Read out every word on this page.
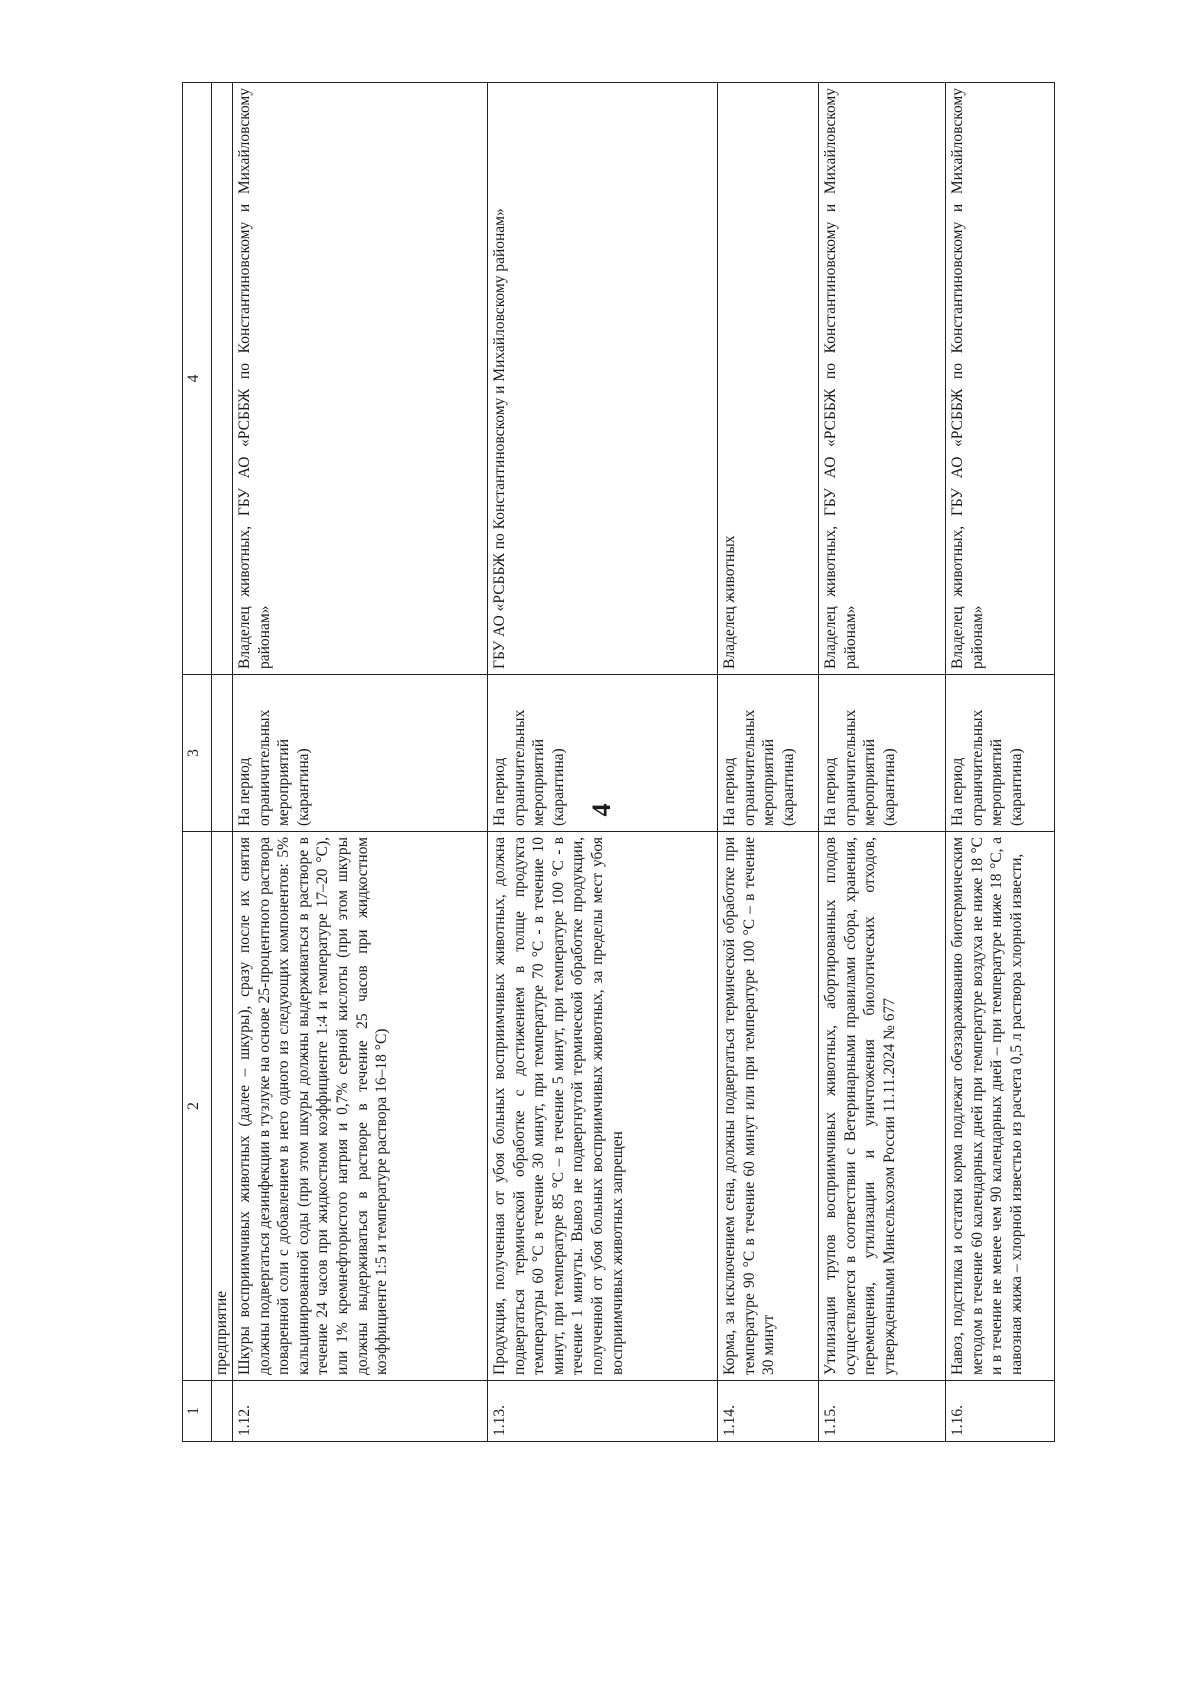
4
1	2	3	4
	предприятие		
1.12.	Шкуры восприимчивых животных (далее – шкуры), сразу после их снятия должны подвергаться дезинфекции в тузлуке на основе 25-процентного раствора поваренной соли с добавлением в него одного из следующих компонентов: 5% кальцинированной соды (при этом шкуры должны выдерживаться в растворе в течение 24 часов при жидкостном коэффициенте 1:4 и температуре 17–20 °С), или 1% кремнефтористого натрия и 0,7% серной кислоты (при этом шкуры должны выдерживаться в растворе в течение 25 часов при жидкостном коэффициенте 1:5 и температуре раствора 16–18 °С)	На период ограничительных мероприятий (карантина)	Владелец животных, ГБУ АО «РСББЖ по Константиновскому и Михайловскому районам»
1.13.	Продукция, полученная от убоя больных восприимчивых животных, должна подвергаться термической обработке с достижением в толще продукта температуры 60 °С в течение 30 минут, при температуре 70 °С - в течение 10 минут, при температуре 85 °С – в течение 5 минут, при температуре 100 °С - в течение 1 минуты. Вывоз не подвергнутой термической обработке продукции, полученной от убоя больных восприимчивых животных, за пределы мест убоя восприимчивых животных запрещен	На период ограничительных мероприятий (карантина)	ГБУ АО «РСББЖ по Константиновскому и Михайловскому районам»
1.14.	Корма, за исключением сена, должны подвергаться термической обработке при температуре 90 °С в течение 60 минут или при температуре 100 °С – в течение 30 минут	На период ограничительных мероприятий (карантина)	Владелец животных
1.15.	Утилизация трупов восприимчивых животных, абортированных плодов осуществляется в соответствии с Ветеринарными правилами сбора, хранения, перемещения, утилизации и уничтожения биологических отходов, утвержденными Минсельхозом России 11.11.2024 № 677	На период ограничительных мероприятий (карантина)	Владелец животных, ГБУ АО «РСББЖ по Константиновскому и Михайловскому районам»
1.16.	Навоз, подстилка и остатки корма подлежат обеззараживанию биотермическим методом в течение 60 календарных дней при температуре воздуха не ниже 18 °С и в течение не менее чем 90 календарных дней – при температуре ниже 18 °С, а навозная жижа – хлорной известью из расчета 0,5 л раствора хлорной извести,	На период ограничительных мероприятий (карантина)	Владелец животных, ГБУ АО «РСББЖ по Константиновскому и Михайловскому районам»
